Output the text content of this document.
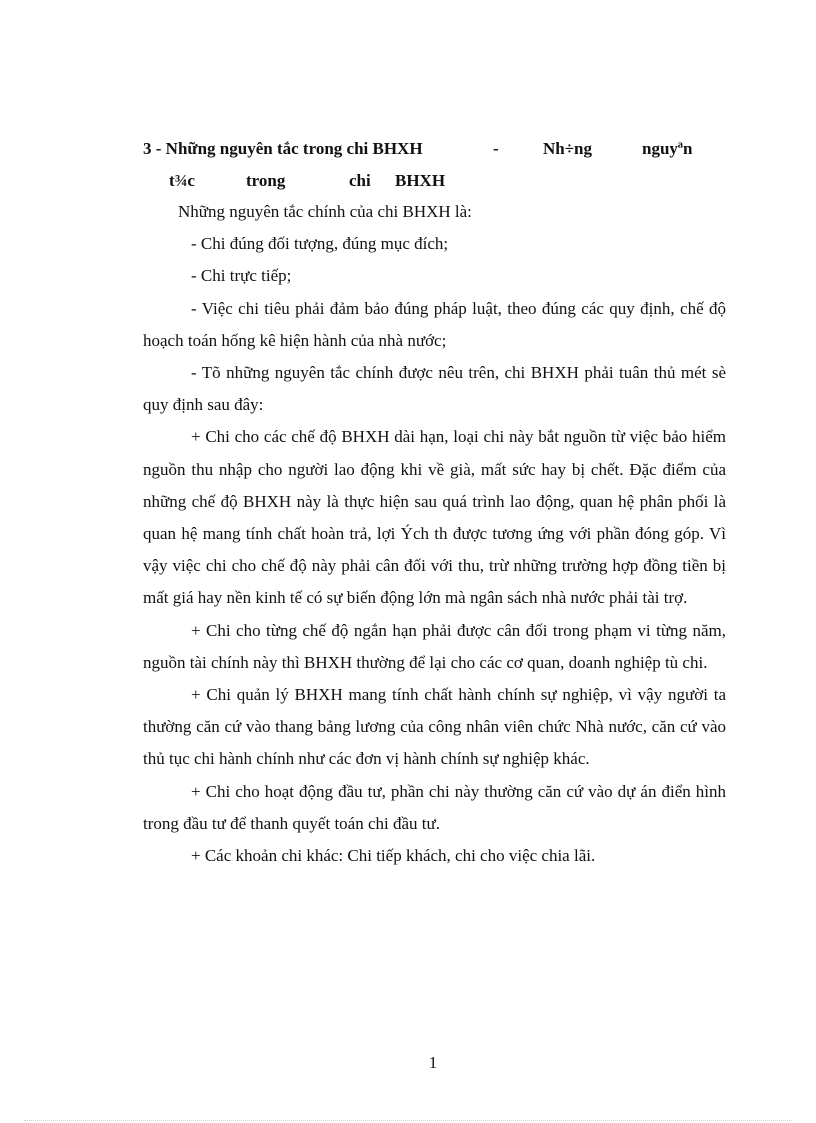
3 - Những nguyên tắc trong chi BHXH	-	Nh÷ng	nguyªn
t¾c	trong	chi BHXH

Những nguyên tắc chính của chi BHXH là:

- Chi đúng đối tượng, đúng mục đích;

- Chi trực tiếp;

- Việc chi tiêu phải đảm bảo đúng pháp luật, theo đúng các quy định, chế độ hoạch toán hống kê hiện hành của nhà nước;

- Tõ những nguyên tắc chính được nêu trên, chi BHXH phải tuân thủ mét sè quy định sau đây:

+ Chi cho các chế độ BHXH dài hạn, loại chi này bắt nguồn từ việc bảo hiểm nguồn thu nhập cho người lao động khi về già, mất sức hay bị chết. Đặc điểm của những chế độ BHXH này là thực hiện sau quá trình lao động, quan hệ phân phối là quan hệ mang tính chất hoàn trả, lợi Ých th được tương ứng với phần đóng góp. Vì vậy việc chi cho chế độ này phải cân đối với thu, trừ những trường hợp đồng tiền bị mất giá hay nền kinh tế có sự biến động lớn mà ngân sách nhà nước phải tài trợ.

+ Chi cho từng chế độ ngắn hạn phải được cân đối trong phạm vi từng năm, nguồn tài chính này thì BHXH thường để lại cho các cơ quan, doanh nghiệp tù chi.

+ Chi quản lý BHXH mang tính chất hành chính sự nghiệp, vì vậy người ta thường căn cứ vào thang bảng lương của công nhân viên chức Nhà nước, căn cứ vào thủ tục chi hành chính như các đơn vị hành chính sự nghiệp khác.

+ Chi cho hoạt động đầu tư, phần chi này thường căn cứ vào dự án điển hình trong đầu tư để thanh quyết toán chi đầu tư.

+ Các khoản chi khác: Chi tiếp khách, chi cho việc chia lãi.

1
